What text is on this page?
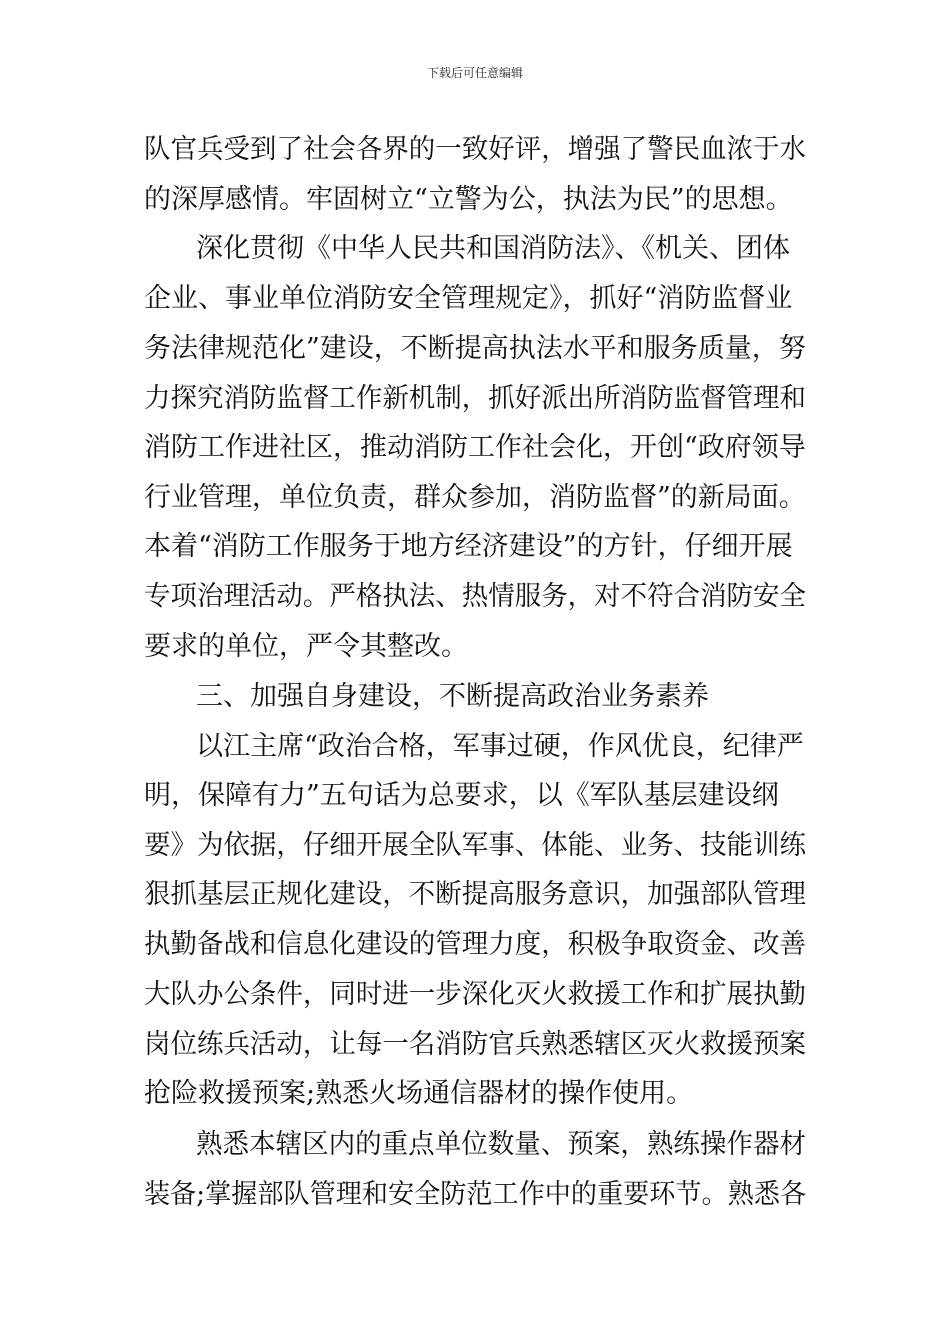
下载后可任意编辑
队官兵受到了社会各界的一致好评，增强了警民血浓于水
的深厚感情。牢固树立“立警为公，执法为民”的思想。
深化贯彻《中华人民共和国消防法》、《机关、团体
企业、事业单位消防安全管理规定》，抓好“消防监督业
务法律规范化”建设，不断提高执法水平和服务质量，努
力探究消防监督工作新机制，抓好派出所消防监督管理和
消防工作进社区，推动消防工作社会化，开创“政府领导
行业管理，单位负责，群众参加，消防监督”的新局面。
本着“消防工作服务于地方经济建设”的方针，仔细开展
专项治理活动。严格执法、热情服务，对不符合消防安全
要求的单位，严令其整改。
三、加强自身建设，不断提高政治业务素养
以江主席“政治合格，军事过硬，作风优良，纪律严
明，保障有力”五句话为总要求，以《军队基层建设纲
要》为依据，仔细开展全队军事、体能、业务、技能训练
狠抓基层正规化建设，不断提高服务意识，加强部队管理
执勤备战和信息化建设的管理力度，积极争取资金、改善
大队办公条件，同时进一步深化灭火救援工作和扩展执勤
岗位练兵活动，让每一名消防官兵熟悉辖区灭火救援预案
抢险救援预案;熟悉火场通信器材的操作使用。
熟悉本辖区内的重点单位数量、预案，熟练操作器材
装备;掌握部队管理和安全防范工作中的重要环节。熟悉各
